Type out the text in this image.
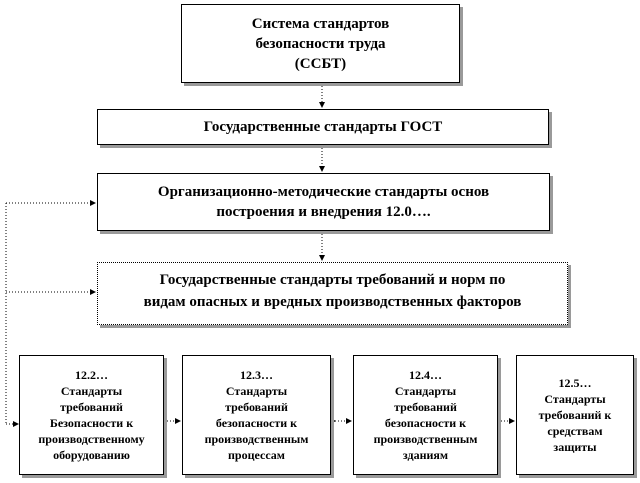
Система стандартов
безопасности труда
(ССБТ)
Государственные стандарты ГОСТ
Организационно-методические стандарты основ
построения и внедрения 12.0….
Государственные стандарты требований и норм по
видам опасных и вредных производственных факторов
12.2…
Стандарты
требований
Безопасности к
производственному
оборудованию
12.3…
Стандарты
требований
безопасности к
производственным
процессам
12.4…
Стандарты
требований
безопасности к
производственным
зданиям
12.5…
Стандарты
требований к
средствам
защиты
